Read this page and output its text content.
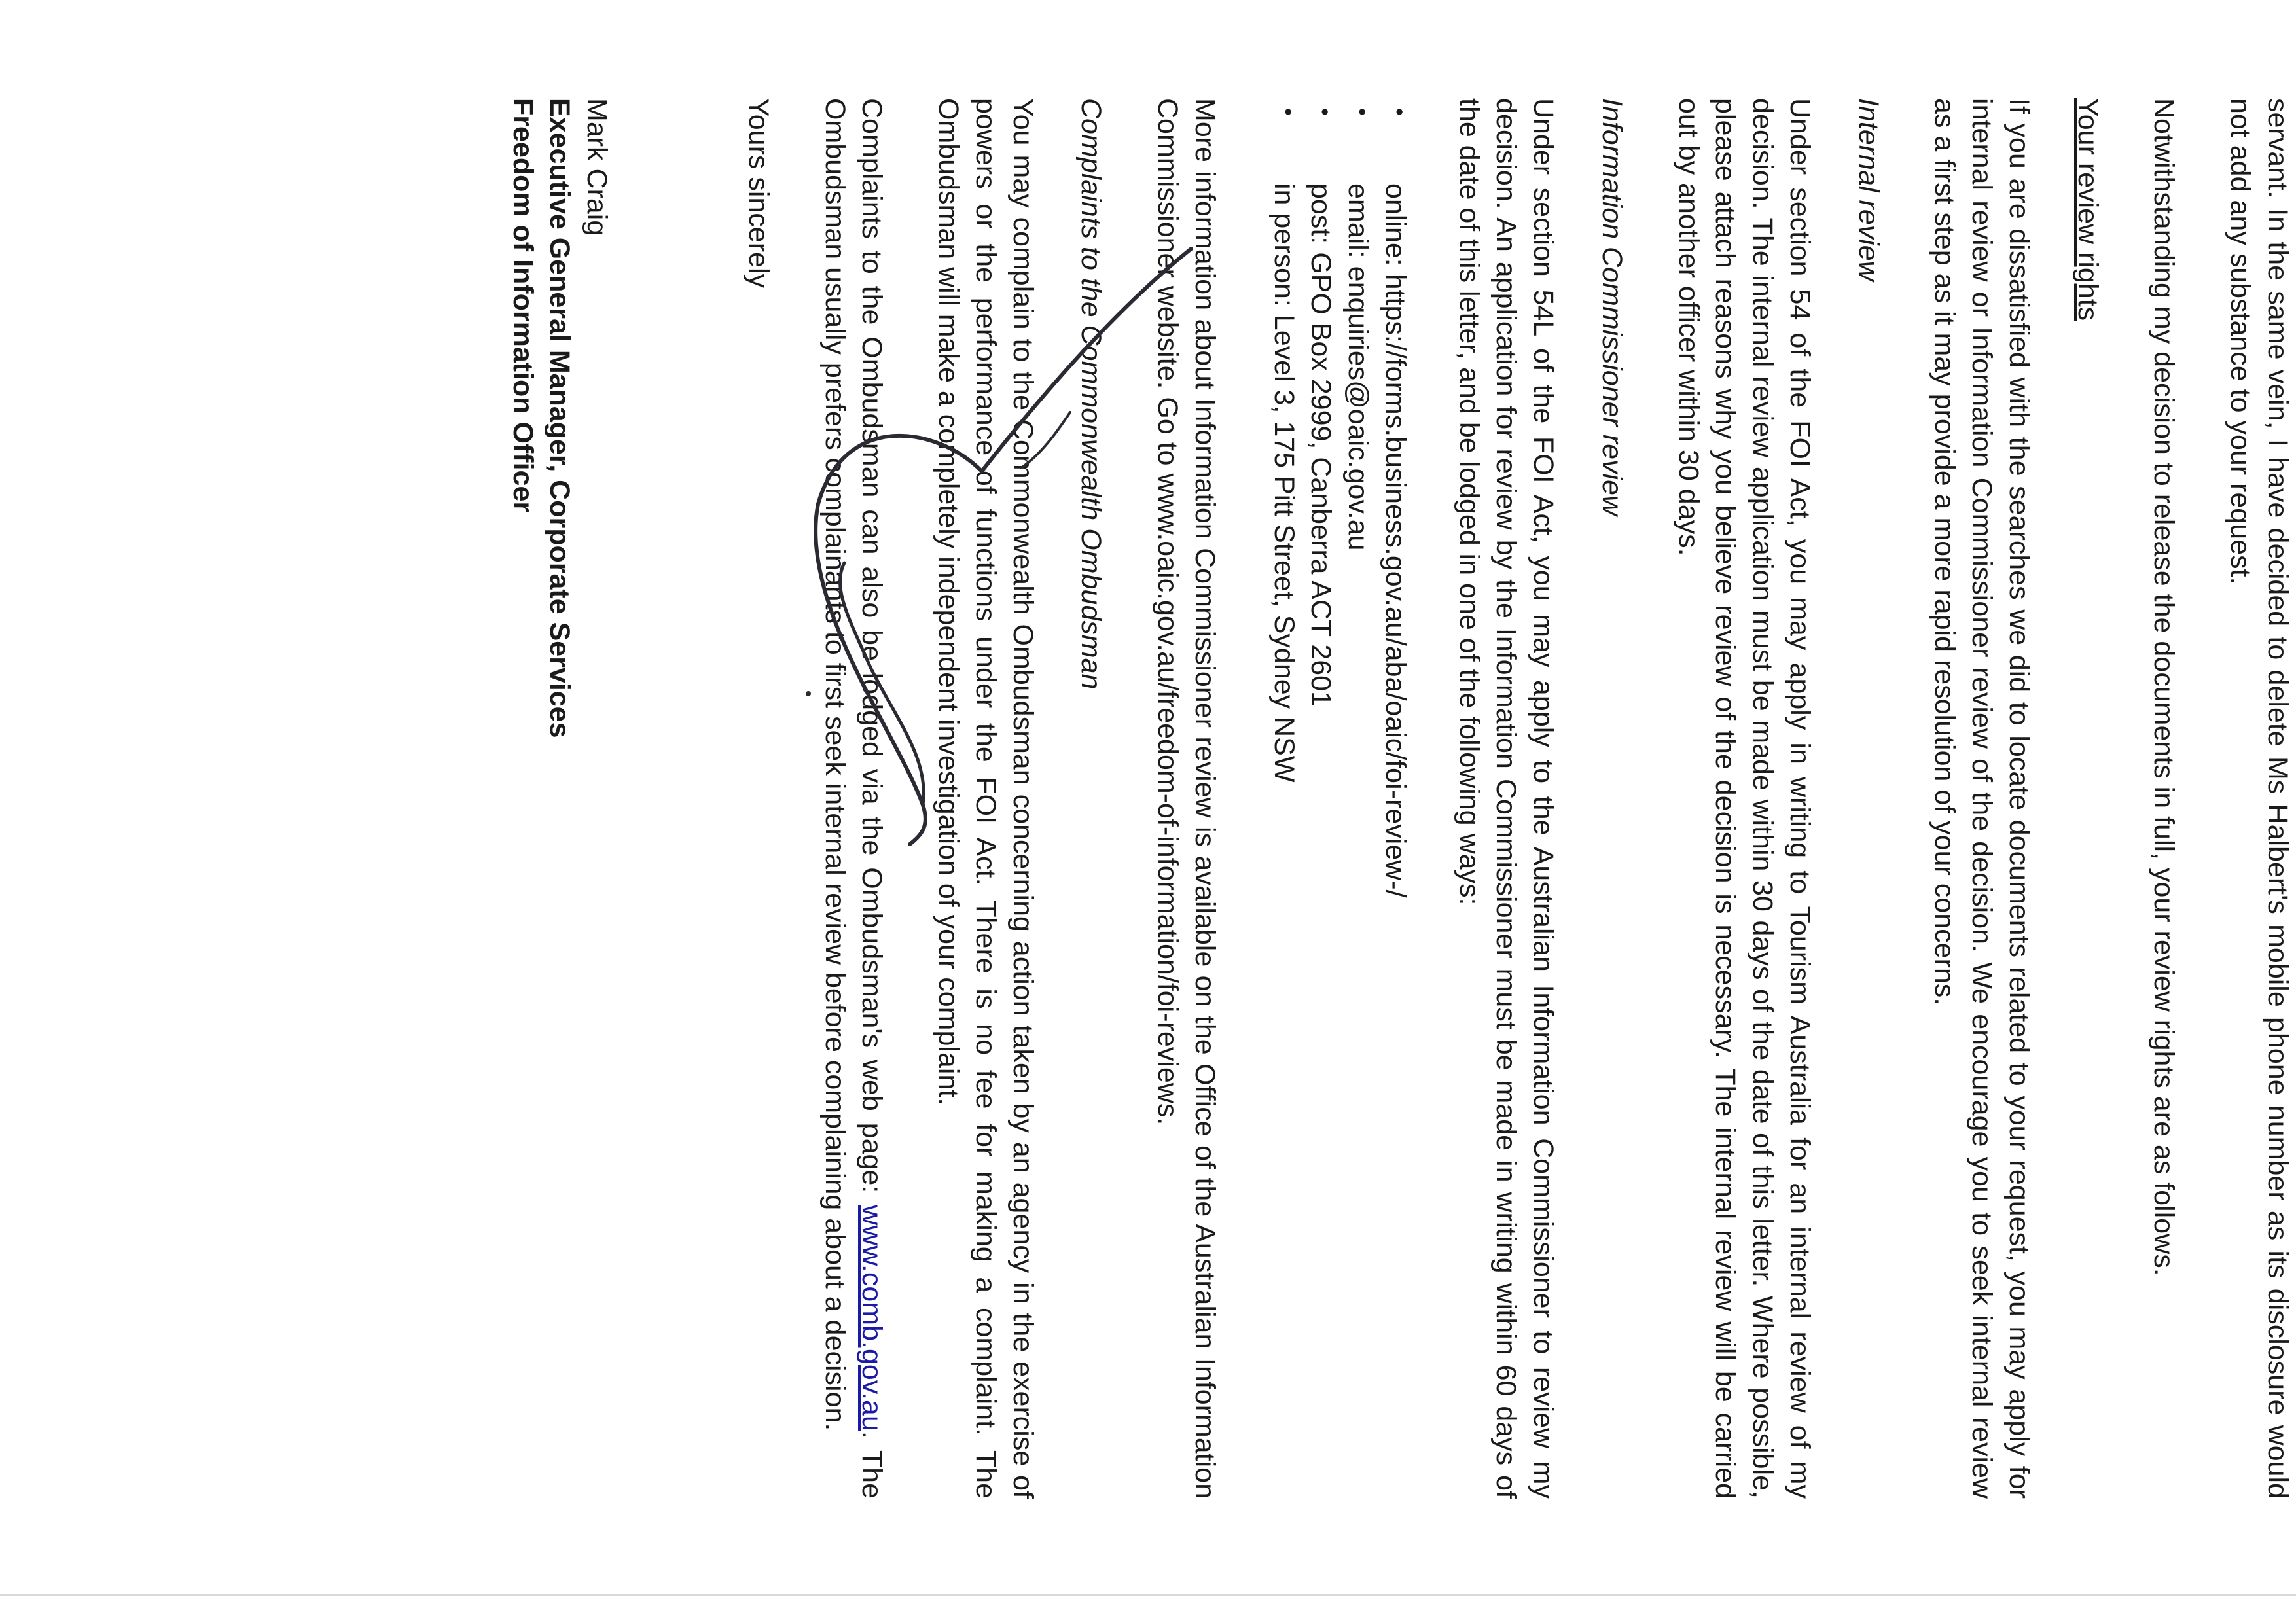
servant. In the same vein, I have decided to delete Ms Halbert's mobile phone number as its disclosure would not add any substance to your request.

Notwithstanding my decision to release the documents in full, your review rights are as follows.

Your review rights

If you are dissatisfied with the searches we did to locate documents related to your request, you may apply for internal review or Information Commissioner review of the decision. We encourage you to seek internal review as a first step as it may provide a more rapid resolution of your concerns.

Internal review

Under section 54 of the FOI Act, you may apply in writing to Tourism Australia for an internal review of my decision. The internal review application must be made within 30 days of the date of this letter. Where possible, please attach reasons why you believe review of the decision is necessary. The internal review will be carried out by another officer within 30 days.

Information Commissioner review

Under section 54L of the FOI Act, you may apply to the Australian Information Commissioner to review my decision. An application for review by the Information Commissioner must be made in writing within 60 days of the date of this letter, and be lodged in one of the following ways:

•
online: https://forms.business.gov.au/aba/oaic/foi-review-/
•
email: enquiries@oaic.gov.au
•
post: GPO Box 2999, Canberra ACT 2601
•
in person: Level 3, 175 Pitt Street, Sydney NSW

More information about Information Commissioner review is available on the Office of the Australian Information Commissioner website. Go to www.oaic.gov.au/freedom-of-information/foi-reviews.

Complaints to the Commonwealth Ombudsman

You may complain to the Commonwealth Ombudsman concerning action taken by an agency in the exercise of powers or the performance of functions under the FOI Act. There is no fee for making a complaint. The Ombudsman will make a completely independent investigation of your complaint.

Complaints to the Ombudsman can also be lodged via the Ombudsman's web page: www.comb.gov.au. The Ombudsman usually prefers complainants to first seek internal review before complaining about a decision.

Yours sincerely

Mark Craig

Executive General Manager, Corporate Services

Freedom of Information Officer
